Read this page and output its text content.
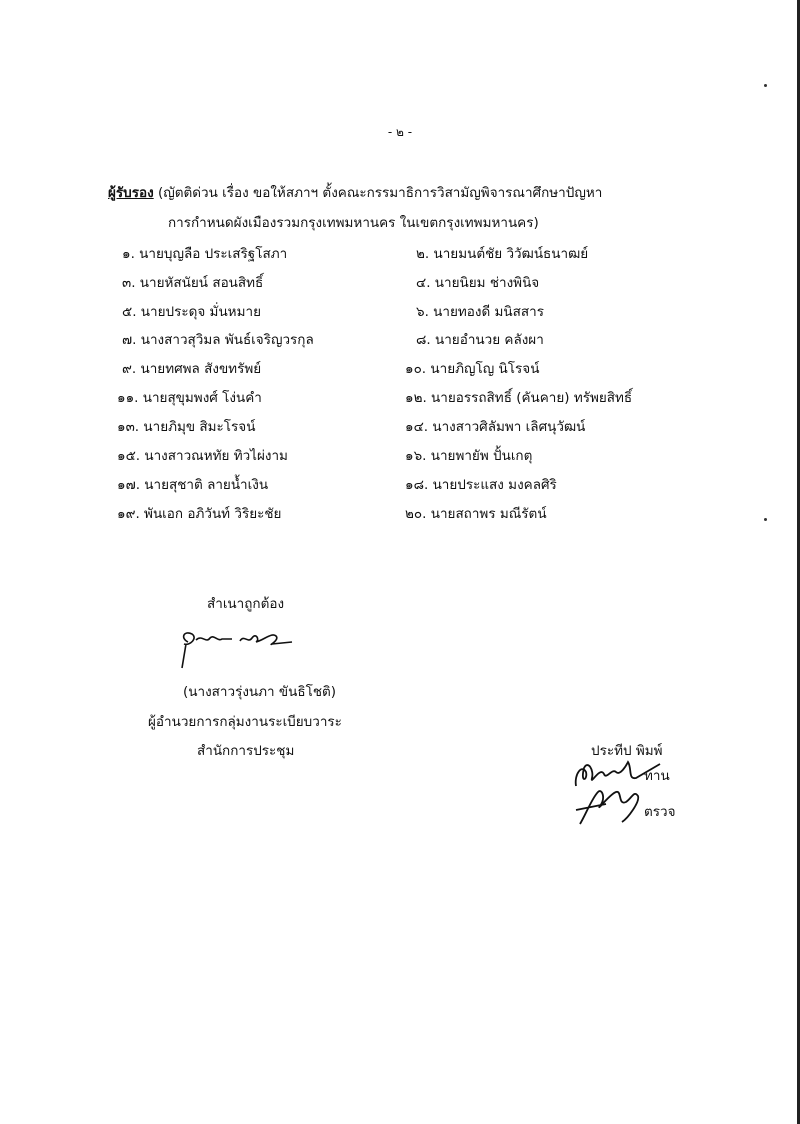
- ๒ -
ผู้รับรอง (ญัตติด่วน เรื่อง ขอให้สภาฯ ตั้งคณะกรรมาธิการวิสามัญพิจารณาศึกษาปัญหา
การกำหนดผังเมืองรวมกรุงเทพมหานคร ในเขตกรุงเทพมหานคร)
๑. นายบุญลือ ประเสริฐโสภา	๒. นายมนต์ชัย วิวัฒน์ธนาฒย์
๓. นายหัสนัยน์ สอนสิทธิ์	๔. นายนิยม ช่างพินิจ
๕. นายประดุจ มั่นหมาย	๖. นายทองดี มนิสสาร
๗. นางสาวสุวิมล พันธ์เจริญวรกุล	๘. นายอำนวย คลังผา
๙. นายทศพล สังขทรัพย์	๑๐. นายภิญโญ นิโรจน์
๑๑. นายสุขุมพงศ์ โง่นคำ	๑๒. นายอรรถสิทธิ์ (คันคาย) ทรัพยสิทธิ์
๑๓. นายภิมุข สิมะโรจน์	๑๔. นางสาวศิลัมพา เลิศนุวัฒน์
๑๕. นางสาวณหทัย ทิวไผ่งาม	๑๖. นายพายัพ ปั้นเกตุ
๑๗. นายสุชาติ ลายน้ำเงิน	๑๘. นายประแสง มงคลศิริ
๑๙. พันเอก อภิวันท์ วิริยะชัย	๒๐. นายสถาพร มณีรัตน์
สำเนาถูกต้อง
(นางสาวรุ่งนภา ขันธิโชติ)
ผู้อำนวยการกลุ่มงานระเบียบวาระ
สำนักการประชุม	ประทีป พิมพ์
ทาน
ตรวจ
